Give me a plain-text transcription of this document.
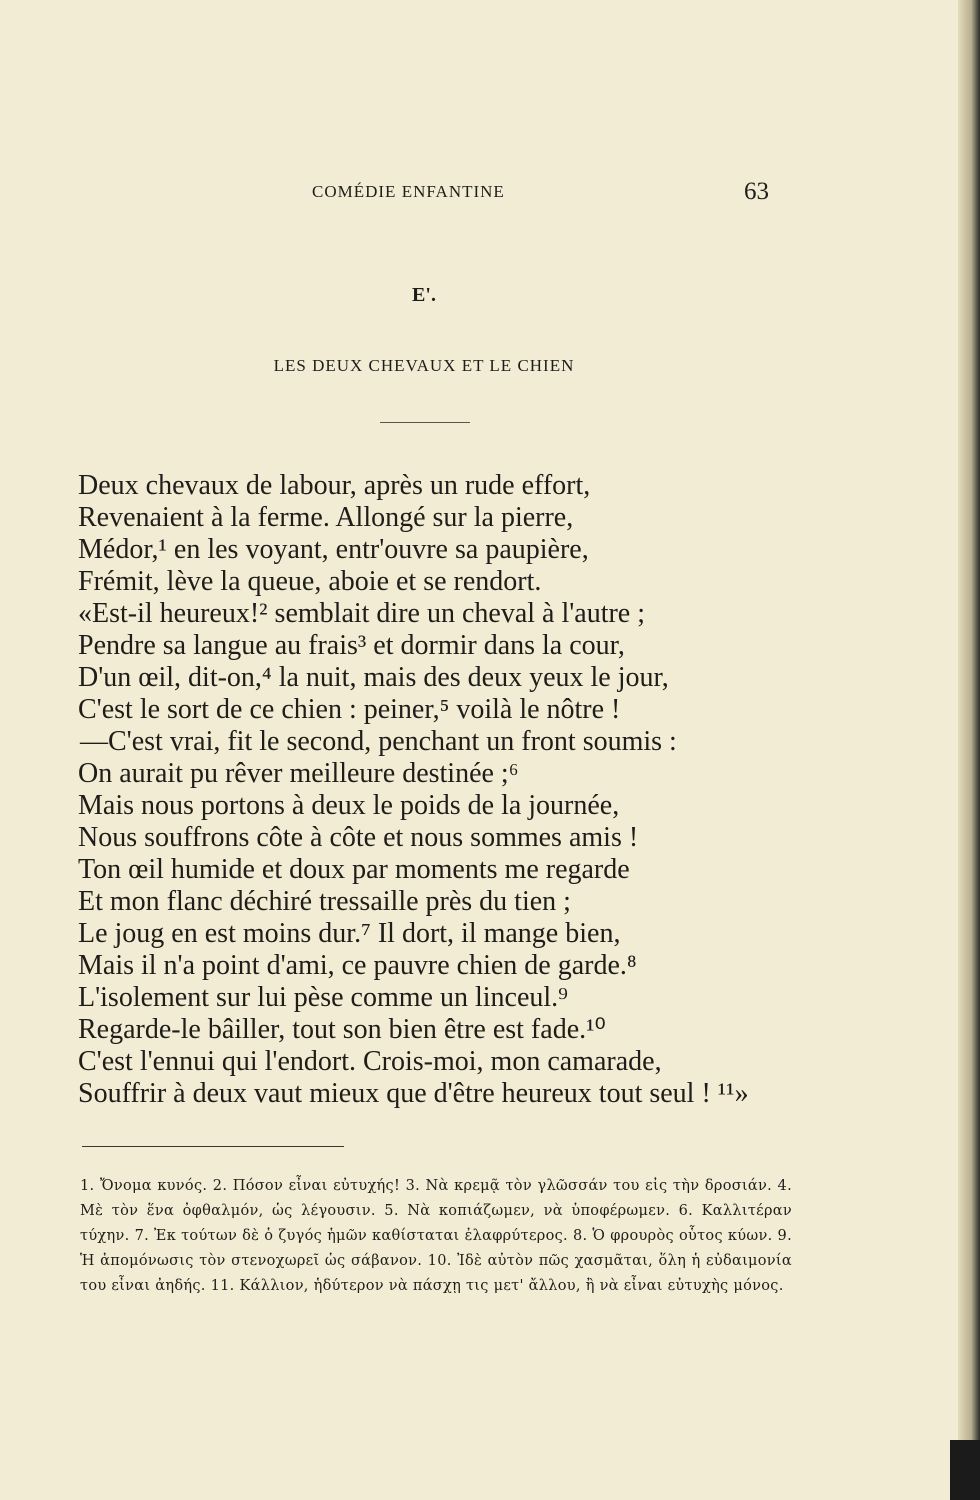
COMÉDIE ENFANTINE	63
E'.
LES DEUX CHEVAUX ET LE CHIEN
Deux chevaux de labour, après un rude effort,
Revenaient à la ferme. Allongé sur la pierre,
Médor,¹ en les voyant, entr'ouvre sa paupière,
Frémit, lève la queue, aboie et se rendort.
«Est-il heureux!² semblait dire un cheval à l'autre ;
Pendre sa langue au frais³ et dormir dans la cour,
D'un œil, dit-on,⁴ la nuit, mais des deux yeux le jour,
C'est le sort de ce chien : peiner,⁵ voilà le nôtre !
—C'est vrai, fit le second, penchant un front soumis :
On aurait pu rêver meilleure destinée ;⁶
Mais nous portons à deux le poids de la journée,
Nous souffrons côte à côte et nous sommes amis !
Ton œil humide et doux par moments me regarde
Et mon flanc déchiré tressaille près du tien ;
Le joug en est moins dur.⁷ Il dort, il mange bien,
Mais il n'a point d'ami, ce pauvre chien de garde.⁸
L'isolement sur lui pèse comme un linceul.⁹
Regarde-le bâiller, tout son bien être est fade.¹⁰
C'est l'ennui qui l'endort. Crois-moi, mon camarade,
Souffrir à deux vaut mieux que d'être heureux tout seul ! ¹¹»
1. Ὄνομα κυνός. 2. Πόσον εἶναι εὐτυχής! 3. Νὰ κρεμᾷ τὸν γλῶσσάν του εἰς τὴν δροσιάν. 4. Μὲ τὸν ἕνα ὀφθαλμόν, ὡς λέγουσιν. 5. Νὰ κοπιάζωμεν, νὰ ὑποφέρωμεν. 6. Καλλιτέραν τύχην. 7. Ἐκ τούτων δὲ ὁ ζυγός ἡμῶν καθίσταται ἐλαφρύτερος. 8. Ὁ φρουρὸς οὗτος κύων. 9. Ἡ ἀπομόνωσις τὸν στενοχωρεῖ ὡς σάβανον. 10. Ἰδὲ αὐτὸν πῶς χασμᾶται, ὅλη ἡ εὐδαιμονία του εἶναι ἀηδής. 11. Κάλλιον, ἡδύτερον νὰ πάσχῃ τις μετ' ἄλλου, ἢ νὰ εἶναι εὐτυχὴς μόνος.
